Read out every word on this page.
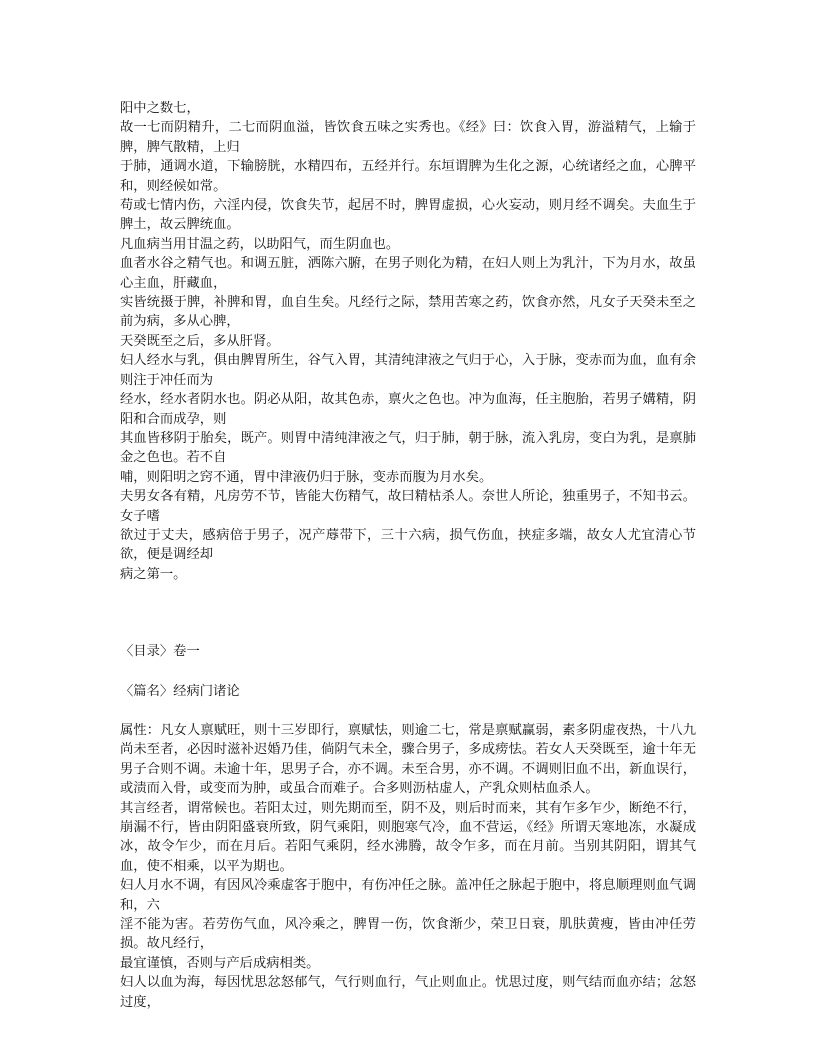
阳中之数七，

故一七而阴精升，二七而阴血溢，皆饮食五味之实秀也。《经》曰：饮食入胃，游溢精气，上输于脾，脾气散精，上归

于肺，通调水道，下输膀胱，水精四布，五经并行。东垣谓脾为生化之源，心统诸经之血，心脾平和，则经候如常。

苟或七情内伤，六淫内侵，饮食失节，起居不时，脾胃虚损，心火妄动，则月经不调矣。夫血生于脾土，故云脾统血。

凡血病当用甘温之药，以助阳气，而生阴血也。

血者水谷之精气也。和调五脏，洒陈六腑，在男子则化为精，在妇人则上为乳汁，下为月水，故虽心主血，肝藏血，

实皆统摄于脾，补脾和胃，血自生矣。凡经行之际，禁用苦寒之药，饮食亦然，凡女子天癸未至之前为病，多从心脾，

天癸既至之后，多从肝肾。

妇人经水与乳，俱由脾胃所生，谷气入胃，其清纯津液之气归于心，入于脉，变赤而为血，血有余则注于冲任而为

经水，经水者阴水也。阴必从阳，故其色赤，禀火之色也。冲为血海，任主胞胎，若男子媾精，阴阳和合而成孕，则

其血皆移阴于胎矣，既产。则胃中清纯津液之气，归于肺，朝于脉，流入乳房，变白为乳，是禀肺金之色也。若不自

哺，则阳明之窍不通，胃中津液仍归于脉，变赤而腹为月水矣。

夫男女各有精，凡房劳不节，皆能大伤精气，故曰精枯杀人。奈世人所论，独重男子，不知书云。女子嗜

欲过于丈夫，感病倍于男子，况产蓐带下，三十六病，损气伤血，挟症多端，故女人尤宜清心节欲，便是调经却

病之第一。

〈目录〉卷一

〈篇名〉经病门诸论

属性：凡女人禀赋旺，则十三岁即行，禀赋怯，则逾二七，常是禀赋赢弱，素多阴虚夜热，十八九尚未至者，必因时滋补迟婚乃佳，倘阴气未全，骤合男子，多成痨怯。若女人天癸既至，逾十年无男子合则不调。未逾十年，思男子合，亦不调。未至合男，亦不调。不调则旧血不出，新血误行，或渍而入骨，或变而为肿，或虽合而难子。合多则沥枯虚人，产乳众则枯血杀人。

其言经者，谓常候也。若阳太过，则先期而至，阴不及，则后时而来，其有乍多乍少，断绝不行，崩漏不行，皆由阴阳盛衰所致，阴气乘阳，则胞寒气冷，血不营运，《经》所谓天寒地冻，水凝成冰，故令乍少，而在月后。若阳气乘阴，经水沸腾，故令乍多，而在月前。当别其阴阳，谓其气血，使不相乘，以平为期也。

妇人月水不调，有因风冷乘虚客于胞中，有伤冲任之脉。盖冲任之脉起于胞中，将息顺理则血气调和，六

淫不能为害。若劳伤气血，风冷乘之，脾胃一伤，饮食渐少，荣卫日衰，肌肤黄瘦，皆由冲任劳损。故凡经行，

最宜谨慎，否则与产后成病相类。

妇人以血为海，每因忧思忿怒郁气，气行则血行，气止则血止。忧思过度，则气结而血亦结；忿怒过度，
